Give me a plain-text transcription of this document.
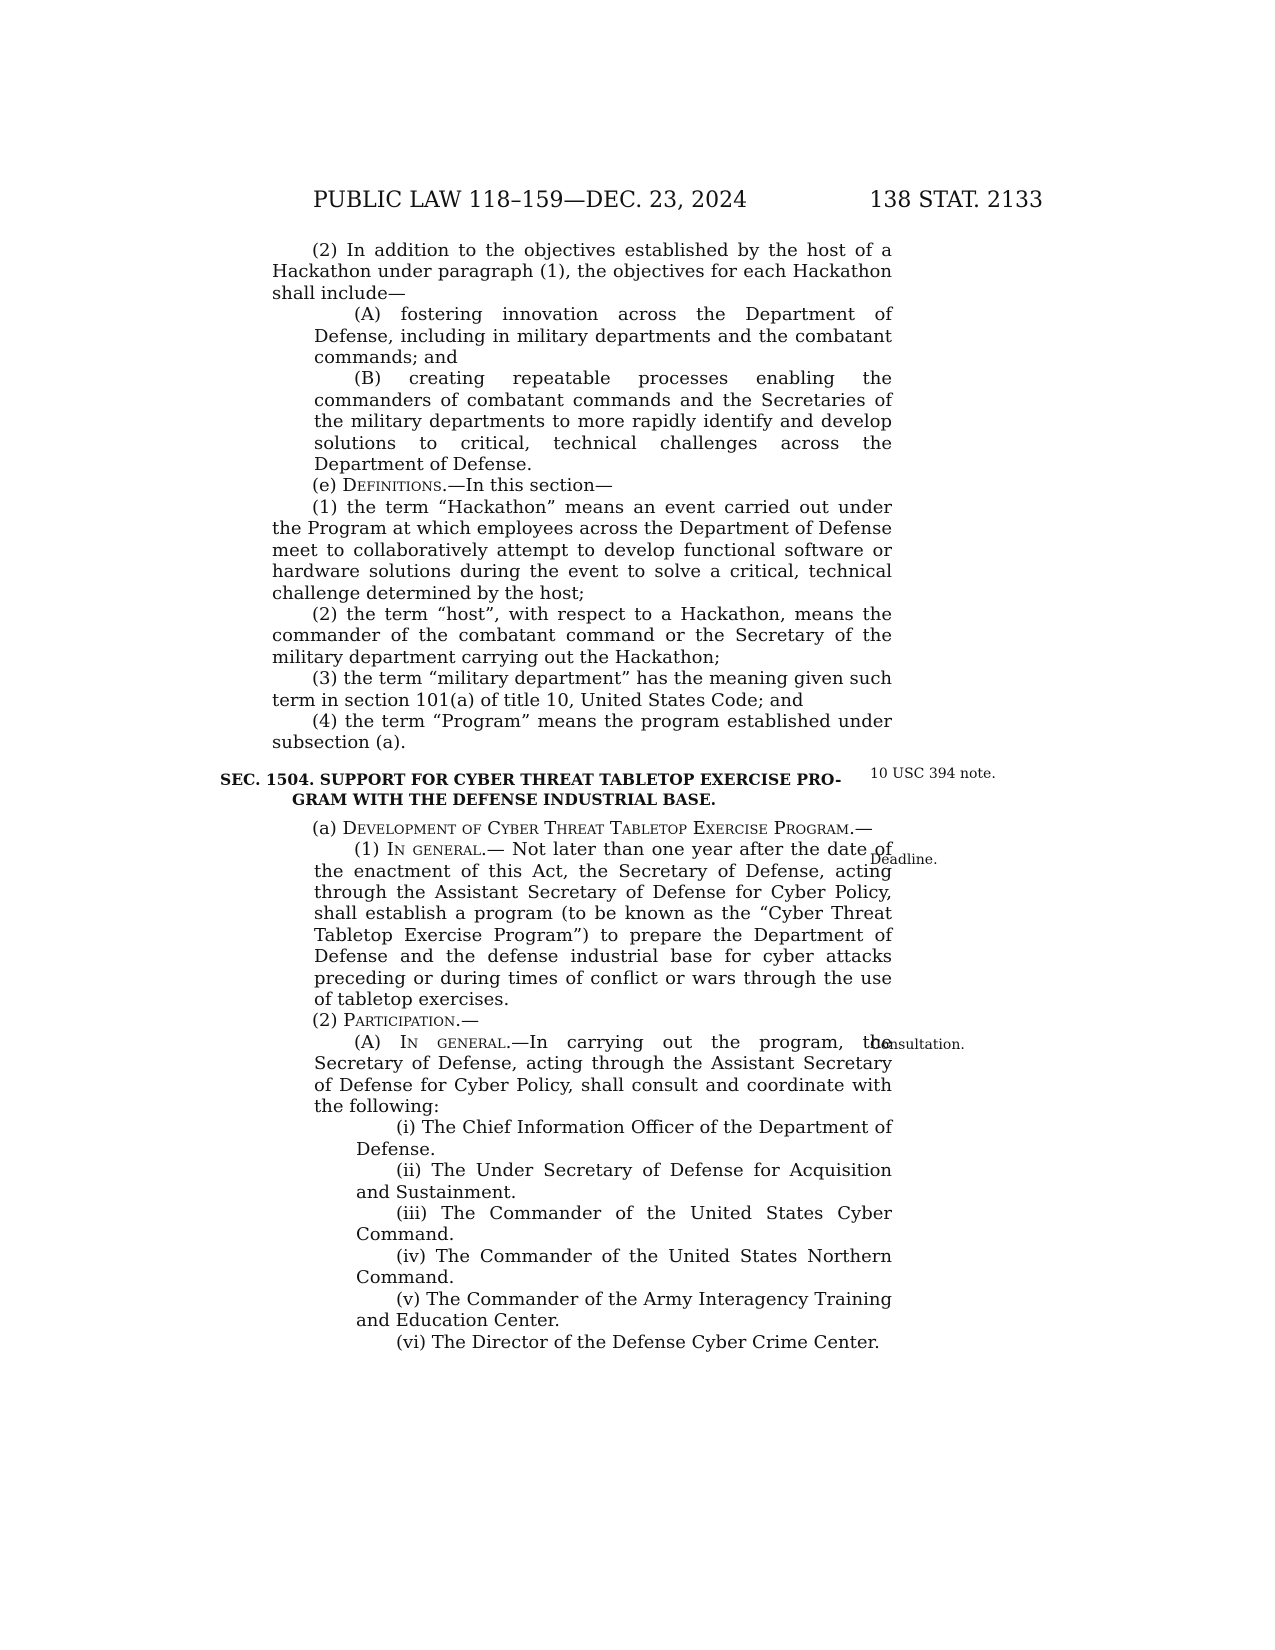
PUBLIC LAW 118–159—DEC. 23, 2024	138 STAT. 2133

(2) In addition to the objectives established by the host of a Hackathon under paragraph (1), the objectives for each Hackathon shall include—

(A) fostering innovation across the Department of Defense, including in military departments and the combatant commands; and

(B) creating repeatable processes enabling the commanders of combatant commands and the Secretaries of the military departments to more rapidly identify and develop solutions to critical, technical challenges across the Department of Defense.

(e) Definitions.—In this section—

(1) the term “Hackathon” means an event carried out under the Program at which employees across the Department of Defense meet to collaboratively attempt to develop functional software or hardware solutions during the event to solve a critical, technical challenge determined by the host;

(2) the term “host”, with respect to a Hackathon, means the commander of the combatant command or the Secretary of the military department carrying out the Hackathon;

(3) the term “military department” has the meaning given such term in section 101(a) of title 10, United States Code; and

(4) the term “Program” means the program established under subsection (a).

SEC. 1504. SUPPORT FOR CYBER THREAT TABLETOP EXERCISE PRO-
GRAM WITH THE DEFENSE INDUSTRIAL BASE.

(a) Development of Cyber Threat Tabletop Exercise Program.—

(1) In general.— Not later than one year after the date of the enactment of this Act, the Secretary of Defense, acting through the Assistant Secretary of Defense for Cyber Policy, shall establish a program (to be known as the “Cyber Threat Tabletop Exercise Program”) to prepare the Department of Defense and the defense industrial base for cyber attacks preceding or during times of conflict or wars through the use of tabletop exercises.

(2) Participation.—

(A) In general.—In carrying out the program, the Secretary of Defense, acting through the Assistant Secretary of Defense for Cyber Policy, shall consult and coordinate with the following:

(i) The Chief Information Officer of the Department of Defense.

(ii) The Under Secretary of Defense for Acquisition and Sustainment.

(iii) The Commander of the United States Cyber Command.

(iv) The Commander of the United States Northern Command.

(v) The Commander of the Army Interagency Training and Education Center.

(vi) The Director of the Defense Cyber Crime Center.

10 USC 394 note.
Deadline.
Consultation.
